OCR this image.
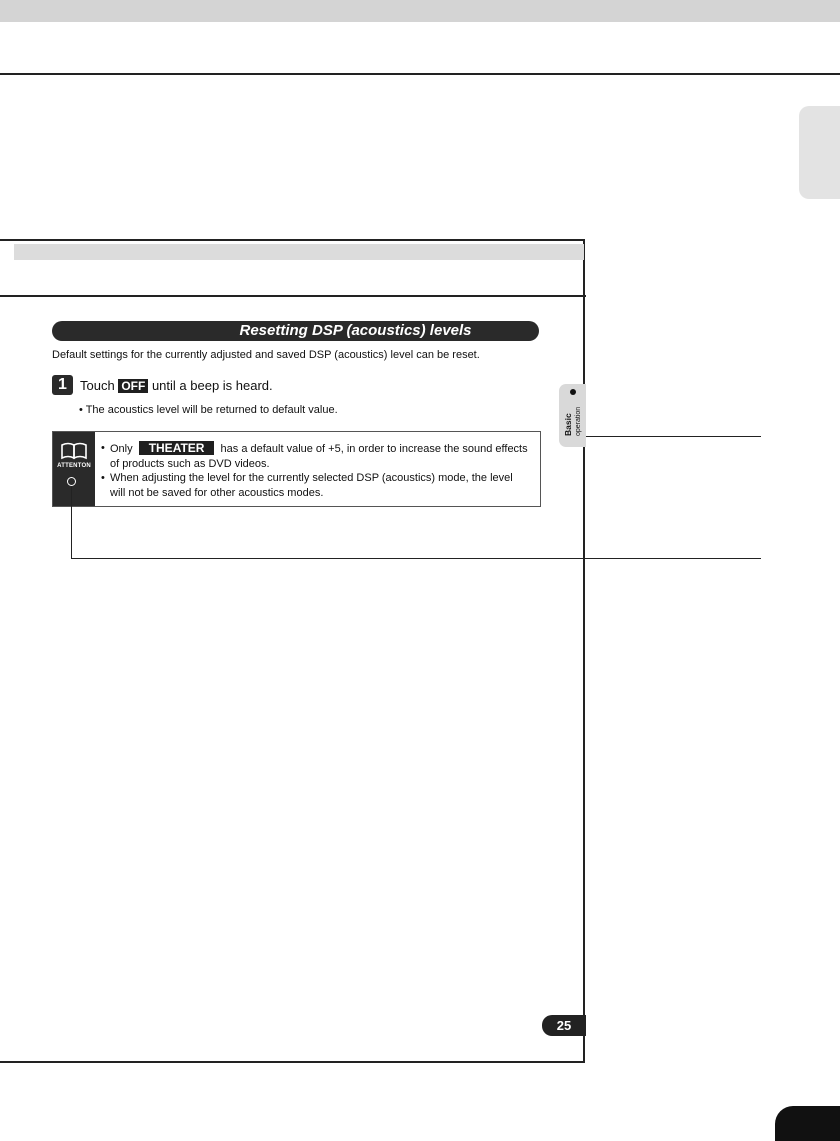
Resetting DSP (acoustics) levels
Default settings for the currently adjusted and saved DSP (acoustics) level can be reset.
1	Touch OFF until a beep is heard.
• The acoustics level will be returned to default value.
ATTENTON
• Only THEATER has a default value of +5, in order to increase the sound effects of products such as DVD videos.
• When adjusting the level for the currently selected DSP (acoustics) mode, the level will not be saved for other acoustics modes.
Basic operation
25
